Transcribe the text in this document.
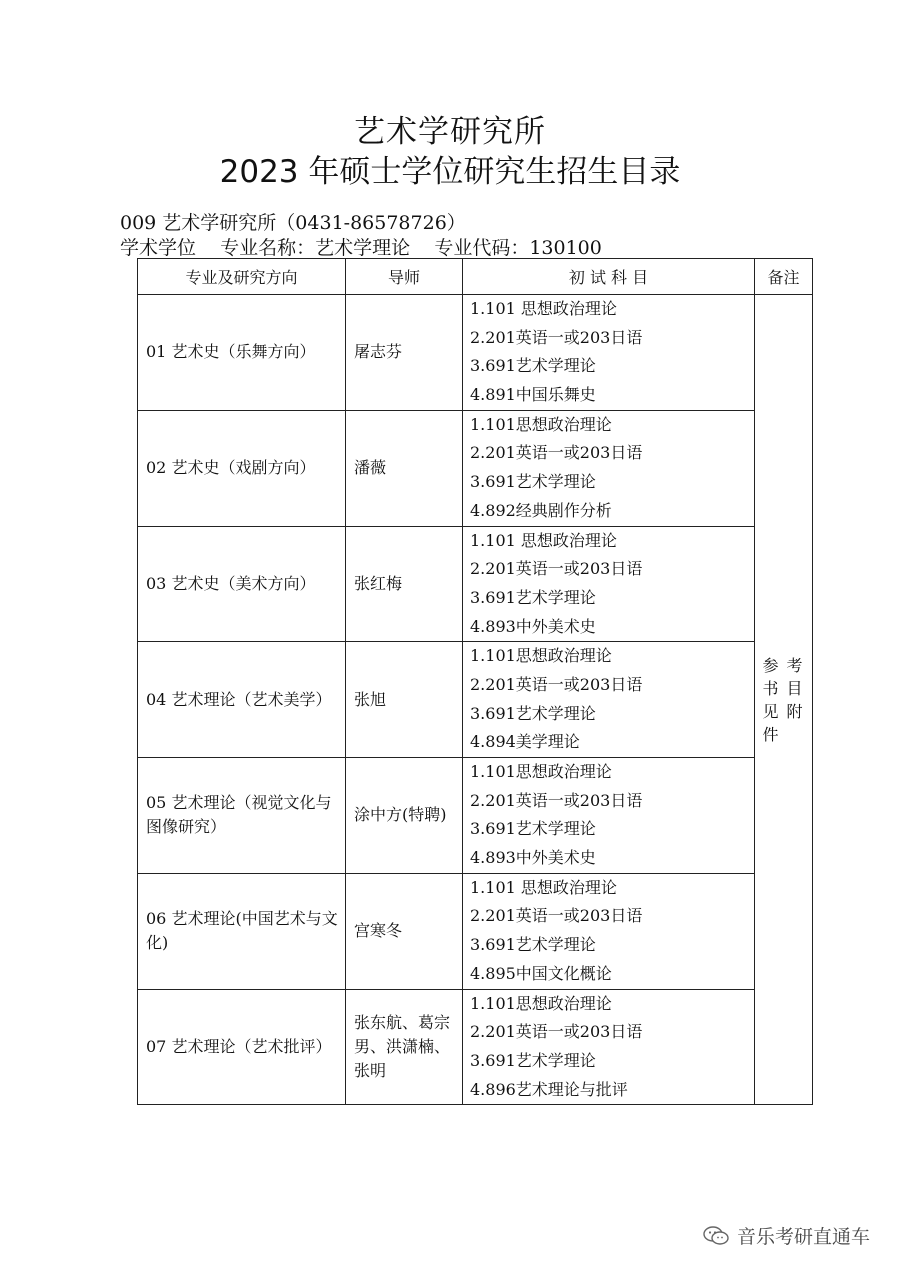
艺术学研究所
2023 年硕士学位研究生招生目录
009 艺术学研究所（0431-86578726）
学术学位    专业名称：艺术学理论    专业代码：130100
专业及研究方向	导师	初 试 科 目	备注
01 艺术史（乐舞方向）	屠志芬	1.101 思想政治理论
2.201英语一或203日语
3.691艺术学理论
4.891中国乐舞史	参考书目见附件

02 艺术史（戏剧方向）	潘薇	1.101思想政治理论
2.201英语一或203日语
3.691艺术学理论
4.892经典剧作分析	

03 艺术史（美术方向）	张红梅	1.101 思想政治理论
2.201英语一或203日语
3.691艺术学理论
4.893中外美术史	

04 艺术理论（艺术美学）	张旭	1.101思想政治理论
2.201英语一或203日语
3.691艺术学理论
4.894美学理论	

05 艺术理论（视觉文化与图像研究）	涂中方(特聘)	1.101思想政治理论
2.201英语一或203日语
3.691艺术学理论
4.893中外美术史	

06 艺术理论(中国艺术与文化)	宫寒冬	1.101 思想政治理论
2.201英语一或203日语
3.691艺术学理论
4.895中国文化概论	

07 艺术理论（艺术批评）	张东航、葛宗男、洪潇楠、张明	1.101思想政治理论
2.201英语一或203日语
3.691艺术学理论
4.896艺术理论与批评	
音乐考研直通车
